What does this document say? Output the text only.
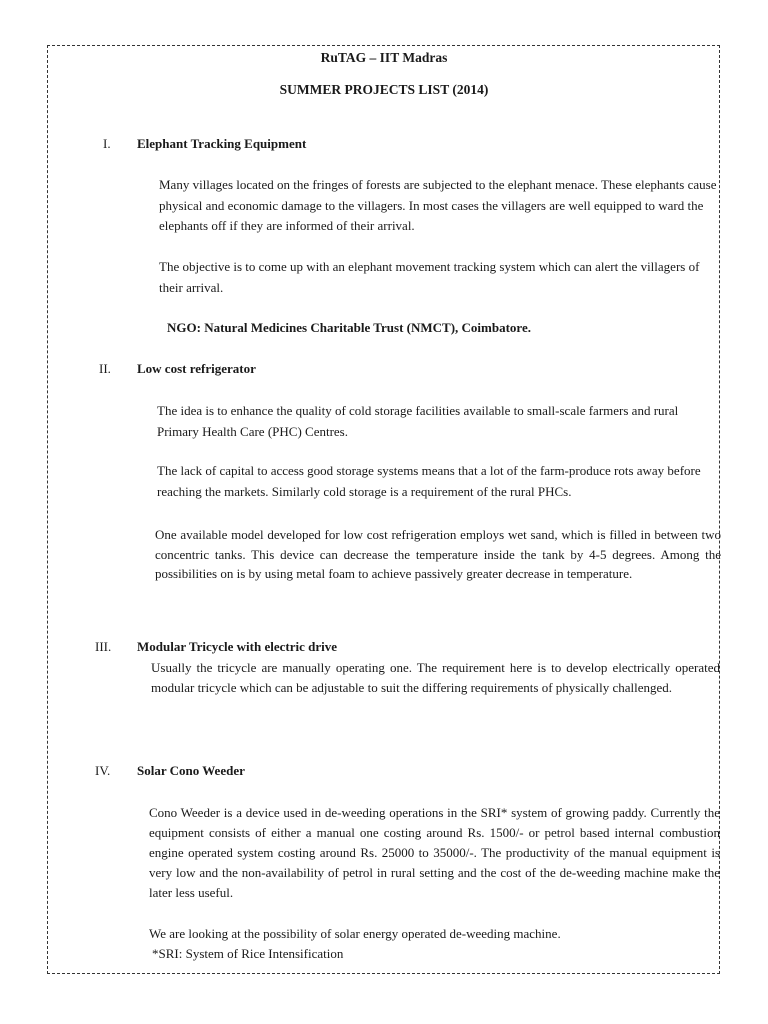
RuTAG – IIT Madras
SUMMER PROJECTS LIST (2014)
I. Elephant Tracking Equipment

Many villages located on the fringes of forests are subjected to the elephant menace. These elephants cause physical and economic damage to the villagers. In most cases the villagers are well equipped to ward the elephants off if they are informed of their arrival.

The objective is to come up with an elephant movement tracking system which can alert the villagers of their arrival.

NGO: Natural Medicines Charitable Trust (NMCT), Coimbatore.
II. Low cost refrigerator

The idea is to enhance the quality of cold storage facilities available to small-scale farmers and rural Primary Health Care (PHC) Centres.

The lack of capital to access good storage systems means that a lot of the farm-produce rots away before reaching the markets. Similarly cold storage is a requirement of the rural PHCs.

One available model developed for low cost refrigeration employs wet sand, which is filled in between two concentric tanks. This device can decrease the temperature inside the tank by 4-5 degrees. Among the possibilities on is by using metal foam to achieve passively greater decrease in temperature.

III. Modular Tricycle with electric drive

Usually the tricycle are manually operating one. The requirement here is to develop electrically operated modular tricycle which can be adjustable to suit the differing requirements of physically challenged.

IV. Solar Cono Weeder

Cono Weeder is a device used in de-weeding operations in the SRI* system of growing paddy. Currently the equipment consists of either a manual one costing around Rs. 1500/- or petrol based internal combustion engine operated system costing around Rs. 25000 to 35000/-. The productivity of the manual equipment is very low and the non-availability of petrol in rural setting and the cost of the de-weeding machine make the later less useful.

We are looking at the possibility of solar energy operated de-weeding machine.

*SRI: System of Rice Intensification
